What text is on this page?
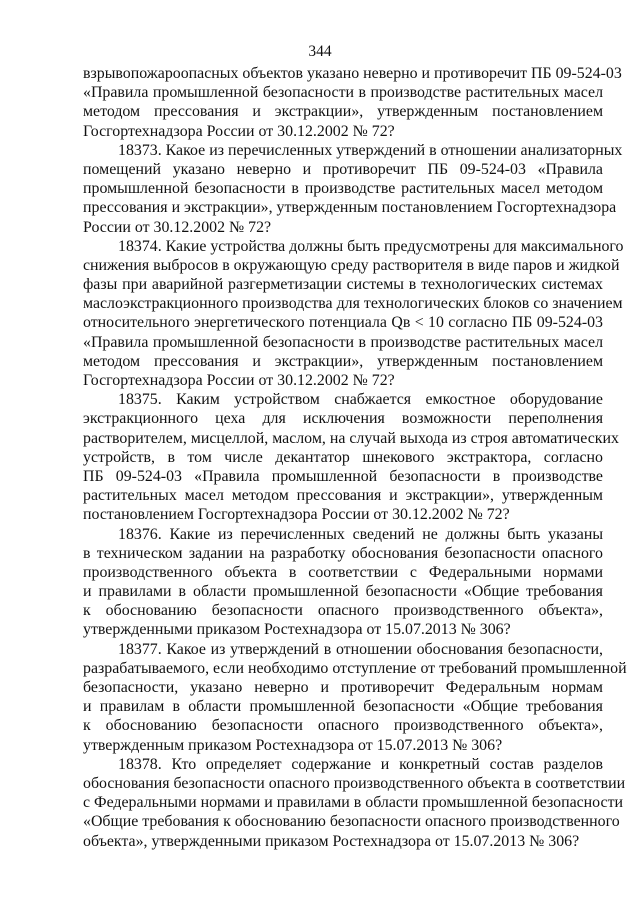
344
взрывопожароопасных объектов указано неверно и противоречит ПБ 09-524-03
«Правила промышленной безопасности в производстве растительных масел
методом прессования и экстракции», утвержденным постановлением
Госгортехнадзора России от 30.12.2002 № 72?
18373. Какое из перечисленных утверждений в отношении анализаторных
помещений указано неверно и противоречит ПБ 09-524-03 «Правила
промышленной безопасности в производстве растительных масел методом
прессования и экстракции», утвержденным постановлением Госгортехнадзора
России от 30.12.2002 № 72?
18374. Какие устройства должны быть предусмотрены для максимального
снижения выбросов в окружающую среду растворителя в виде паров и жидкой
фазы при аварийной разгерметизации системы в технологических системах
маслоэкстракционного производства для технологических блоков со значением
относительного энергетического потенциала Qв < 10 согласно ПБ 09-524-03
«Правила промышленной безопасности в производстве растительных масел
методом прессования и экстракции», утвержденным постановлением
Госгортехнадзора России от 30.12.2002 № 72?
18375. Каким устройством снабжается емкостное оборудование
экстракционного цеха для исключения возможности переполнения
растворителем, мисцеллой, маслом, на случай выхода из строя автоматических
устройств, в том числе декантатор шнекового экстрактора, согласно
ПБ 09-524-03 «Правила промышленной безопасности в производстве
растительных масел методом прессования и экстракции», утвержденным
постановлением Госгортехнадзора России от 30.12.2002 № 72?
18376. Какие из перечисленных сведений не должны быть указаны
в техническом задании на разработку обоснования безопасности опасного
производственного объекта в соответствии с Федеральными нормами
и правилами в области промышленной безопасности «Общие требования
к обоснованию безопасности опасного производственного объекта»,
утвержденными приказом Ростехнадзора от 15.07.2013 № 306?
18377. Какое из утверждений в отношении обоснования безопасности,
разрабатываемого, если необходимо отступление от требований промышленной
безопасности, указано неверно и противоречит Федеральным нормам
и правилам в области промышленной безопасности «Общие требования
к обоснованию безопасности опасного производственного объекта»,
утвержденным приказом Ростехнадзора от 15.07.2013 № 306?
18378. Кто определяет содержание и конкретный состав разделов
обоснования безопасности опасного производственного объекта в соответствии
с Федеральными нормами и правилами в области промышленной безопасности
«Общие требования к обоснованию безопасности опасного производственного
объекта», утвержденными приказом Ростехнадзора от 15.07.2013 № 306?
